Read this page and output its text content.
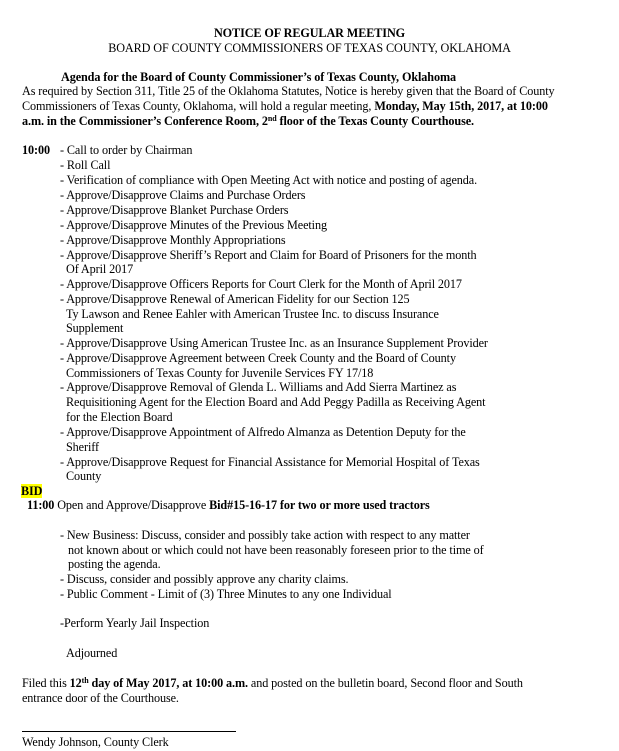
NOTICE OF REGULAR MEETING
BOARD OF COUNTY COMMISSIONERS OF TEXAS COUNTY, OKLAHOMA
Agenda for the Board of County Commissioner’s of Texas County, Oklahoma
As required by Section 311, Title 25 of the Oklahoma Statutes, Notice is hereby given that the Board of County
Commissioners of Texas County, Oklahoma, will hold a regular meeting, Monday, May 15th, 2017, at 10:00
a.m. in the Commissioner’s Conference Room, 2nd floor of the Texas County Courthouse.
10:00 - Call to order by Chairman
- Roll Call
- Verification of compliance with Open Meeting Act with notice and posting of agenda.
- Approve/Disapprove Claims and Purchase Orders
- Approve/Disapprove Blanket Purchase Orders
- Approve/Disapprove Minutes of the Previous Meeting
- Approve/Disapprove Monthly Appropriations
- Approve/Disapprove Sheriff’s Report and Claim for Board of Prisoners for the month
Of April 2017
- Approve/Disapprove Officers Reports for Court Clerk for the Month of April 2017
- Approve/Disapprove Renewal of American Fidelity for our Section 125
Ty Lawson and Renee Eahler with American Trustee Inc. to discuss Insurance
Supplement
- Approve/Disapprove Using American Trustee Inc. as an Insurance Supplement Provider
- Approve/Disapprove Agreement between Creek County and the Board of County
Commissioners of Texas County for Juvenile Services FY 17/18
- Approve/Disapprove Removal of Glenda L. Williams and Add Sierra Martinez as
Requisitioning Agent for the Election Board and Add Peggy Padilla as Receiving Agent
for the Election Board
- Approve/Disapprove Appointment of Alfredo Almanza as Detention Deputy for the
Sheriff
- Approve/Disapprove Request for Financial Assistance for Memorial Hospital of Texas
County
BID
11:00 Open and Approve/Disapprove Bid#15-16-17 for two or more used tractors
- New Business: Discuss, consider and possibly take action with respect to any matter
not known about or which could not have been reasonably foreseen prior to the time of
posting the agenda.
- Discuss, consider and possibly approve any charity claims.
- Public Comment - Limit of (3) Three Minutes to any one Individual
-Perform Yearly Jail Inspection
Adjourned
Filed this 12th day of May 2017, at 10:00 a.m. and posted on the bulletin board, Second floor and South
entrance door of the Courthouse.
Wendy Johnson, County Clerk
